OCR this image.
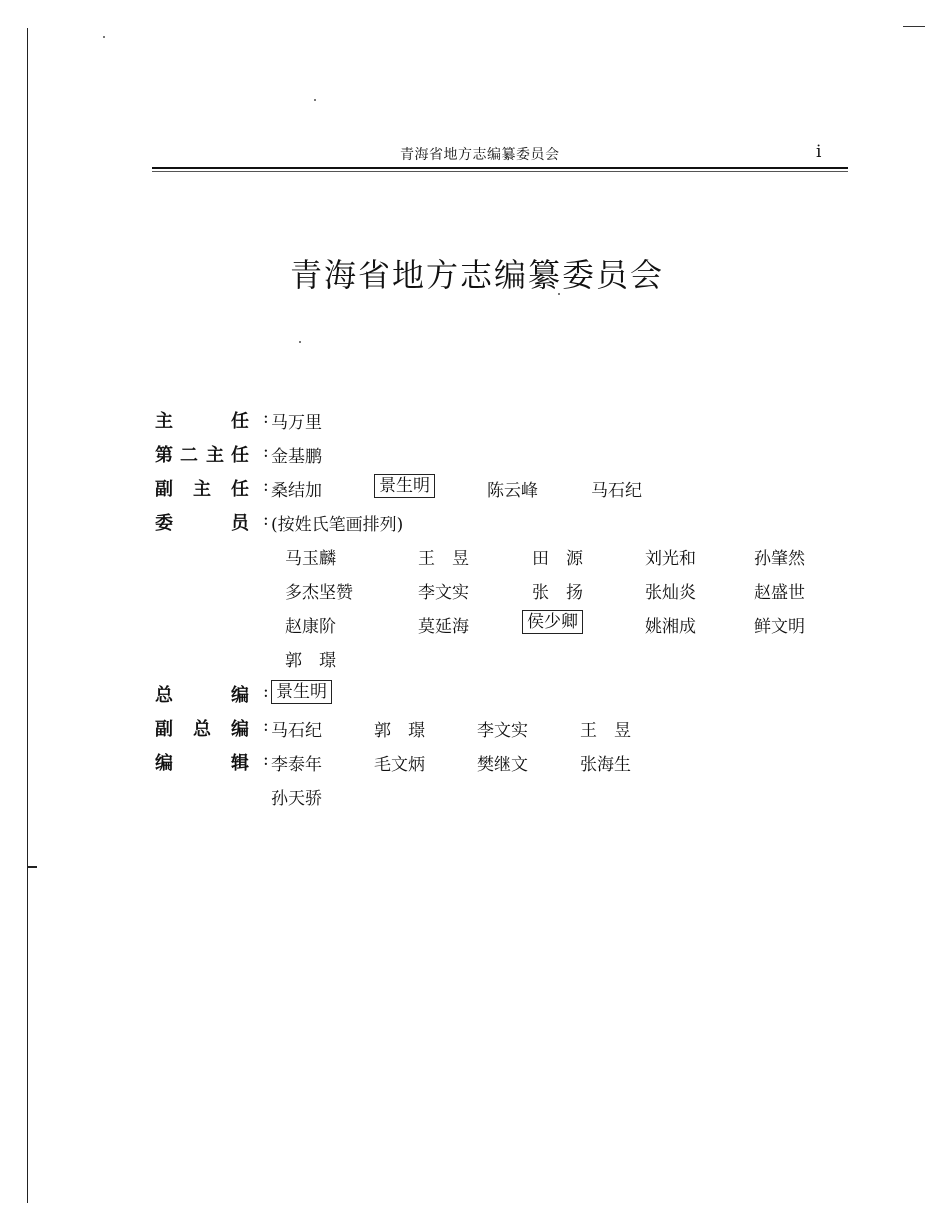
青海省地方志编纂委员会	i
青海省地方志编纂委员会
主	任 : 马万里
第 二 主 任 : 金基鹏
副 主 任 : 桑结加	景生明	陈云峰	马石纪
委	员 : (按姓氏笔画排列)
马玉麟	王　昱	田　源	刘光和	孙肇然
多杰坚赞	李文实	张　扬	张灿炎	赵盛世
赵康阶	莫延海	侯少卿	姚湘成	鲜文明
郭　璟
总	编 : 景生明
副 总 编 : 马石纪	郭　璟	李文实	王　昱
编	辑 : 李泰年	毛文炳	樊继文	张海生
孙天骄
